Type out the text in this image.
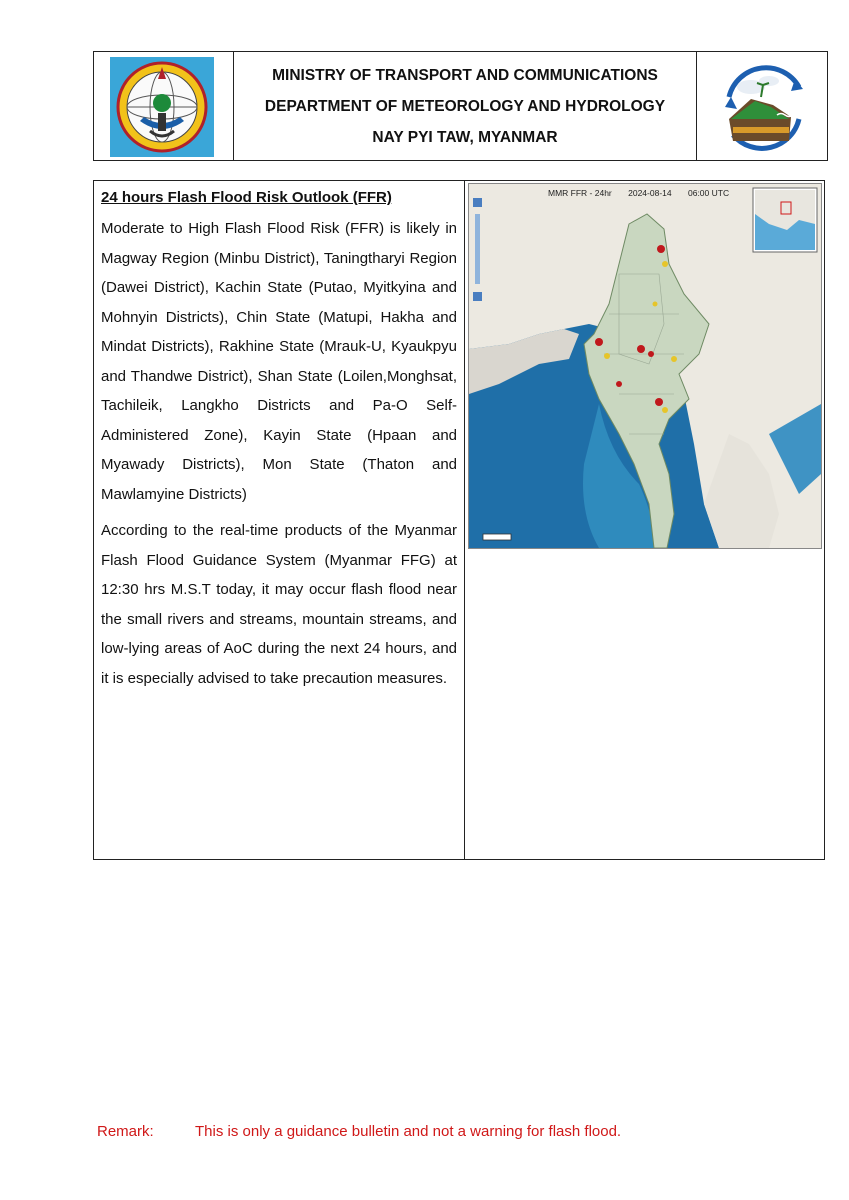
MINISTRY OF TRANSPORT AND COMMUNICATIONS
DEPARTMENT OF METEOROLOGY AND HYDROLOGY
NAY PYI TAW, MYANMAR

24 hours Flash Flood Risk Outlook (FFR)

Moderate to High Flash Flood Risk (FFR) is likely in Magway Region (Minbu District), Taningtharyi Region (Dawei District), Kachin State (Putao, Myitkyina and Mohnyin Districts), Chin State (Matupi, Hakha and Mindat Districts), Rakhine State (Mrauk-U, Kyaukpyu and Thandwe District), Shan State (Loilen,Monghsat, Tachileik, Langkho Districts and Pa-O Self-Administered Zone), Kayin State (Hpaan and Myawady Districts), Mon State (Thaton and Mawlamyine Districts)

According to the real-time products of the Myanmar Flash Flood Guidance System (Myanmar FFG) at 12:30 hrs M.S.T today, it may occur flash flood near the small rivers and streams, mountain streams, and low-lying areas of AoC during the next 24 hours, and it is especially advised to take precaution measures.

MMR FFR - 24hr 2024-08-14 06:00 UTC
Remark:	This is only a guidance bulletin and not a warning for flash flood.
